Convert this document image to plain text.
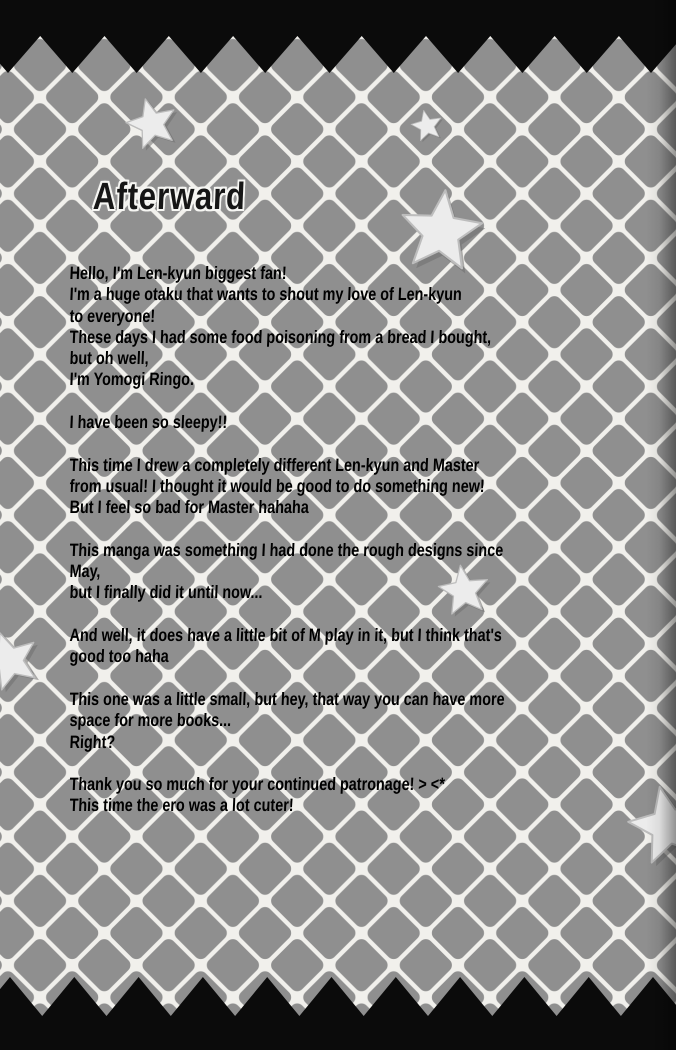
Afterward
Hello, I'm Len-kyun biggest fan!
I'm a huge otaku that wants to shout my love of Len-kyun
to everyone!
These days I had some food poisoning from a bread I bought,
but oh well,
I'm Yomogi Ringo.
I have been so sleepy!!
This time I drew a completely different Len-kyun and Master
from usual! I thought it would be good to do something new!
But I feel so bad for Master hahaha
This manga was something I had done the rough designs since
May,
but I finally did it until now...
And well, it does have a little bit of M play in it, but I think that's
good too haha
This one was a little small, but hey, that way you can have more
space for more books...
Right?
Thank you so much for your continued patronage! > <*
This time the ero was a lot cuter!
